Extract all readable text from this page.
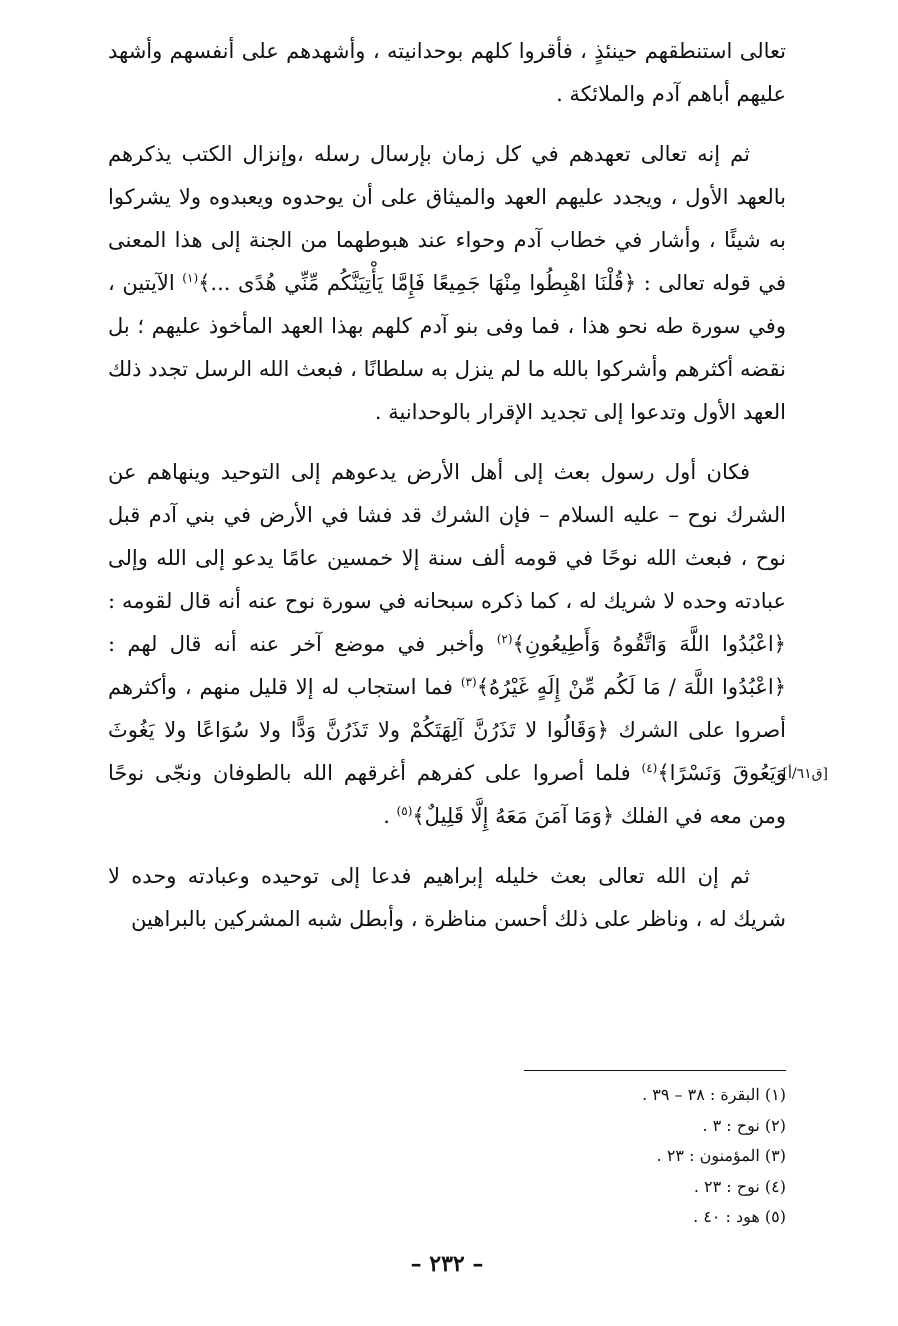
تعالى استنطقهم حينئذٍ ، فأقروا كلهم بوحدانيته ، وأشهدهم على أنفسهم وأشهد عليهم أباهم آدم والملائكة .

ثم إنه تعالى تعهدهم في كل زمان بإرسال رسله ،وإنزال الكتب يذكرهم بالعهد الأول ، ويجدد عليهم العهد والميثاق على أن يوحدوه ويعبدوه ولا يشركوا به شيئًا ، وأشار في خطاب آدم وحواء عند هبوطهما من الجنة إلى هذا المعنى في قوله تعالى : ﴿قُلْنَا اهْبِطُوا مِنْهَا جَمِيعًا فَإِمَّا يَأْتِيَنَّكُم مِّنِّي هُدًى ...﴾$^{(١)}$ الآيتين ، وفي سورة طه نحو هذا ، فما وفى بنو آدم كلهم بهذا العهد المأخوذ عليهم ؛ بل نقضه أكثرهم وأشركوا بالله ما لم ينزل به سلطانًا ، فبعث الله الرسل تجدد ذلك العهد الأول وتدعوا إلى تجديد الإقرار بالوحدانية .

فكان أول رسول بعث إلى أهل الأرض يدعوهم إلى التوحيد وينهاهم عن الشرك نوح – عليه السلام – فإن الشرك قد فشا في الأرض في بني آدم قبل نوح ، فبعث الله نوحًا في قومه ألف سنة إلا خمسين عامًا يدعو إلى الله وإلى عبادته وحده لا شريك له ، كما ذكره سبحانه في سورة نوح عنه أنه قال لقومه : ﴿اعْبُدُوا اللَّهَ وَاتَّقُوهُ وَأَطِيعُونِ﴾$^{(٢)}$ وأخبر في موضع آخر عنه أنه قال لهم : ﴿اعْبُدُوا اللَّهَ / مَا لَكُم مِّنْ إِلَهٍ غَيْرُهُ﴾$^{(٣)}$ فما استجاب له إلا قليل منهم ، وأكثرهم أصروا على الشرك ﴿وَقَالُوا لا تَذَرُنَّ آلِهَتَكُمْ ولا تَذَرُنَّ وَدًّا ولا سُوَاعًا ولا يَغُوثَ وَيَعُوقَ وَنَسْرًا﴾$^{(٤)}$ فلما أصروا على كفرهم أغرقهم الله بالطوفان ونجّى نوحًا ومن معه في الفلك ﴿وَمَا آمَنَ مَعَهُ إِلَّا قَلِيلٌ﴾$^{(٥)}$ .

ثم إن الله تعالى بعث خليله إبراهيم فدعا إلى توحيده وعبادته وحده لا شريك له ، وناظر على ذلك أحسن مناظرة ، وأبطل شبه المشركين بالبراهين

[ق٦١/أ]
(١) البقرة : ٣٨ – ٣٩ .
(٢) نوح : ٣ .
(٣) المؤمنون : ٢٣ .
(٤) نوح : ٢٣ .
(٥) هود : ٤٠ .
– ٢٣٢ –
